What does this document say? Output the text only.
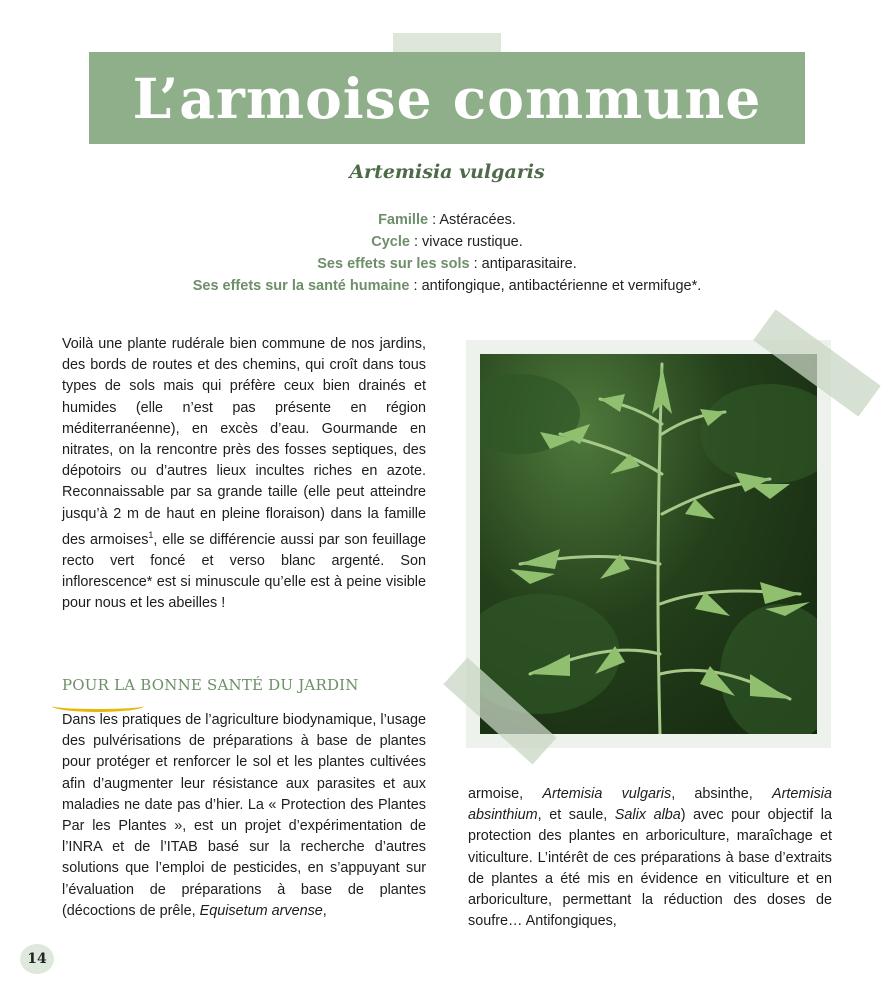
L’armoise commune
Artemisia vulgaris
Famille : Astéracées.
Cycle : vivace rustique.
Ses effets sur les sols : antiparasitaire.
Ses effets sur la santé humaine : antifongique, antibactérienne et vermifuge*.

Voilà une plante rudérale bien commune de nos jardins, des bords de routes et des chemins, qui croît dans tous types de sols mais qui préfère ceux bien drainés et humides (elle n’est pas présente en région méditerranéenne), en excès d’eau. Gourmande en nitrates, on la rencontre près des fosses septiques, des dépotoirs ou d’autres lieux incultes riches en azote. Reconnaissable par sa grande taille (elle peut atteindre jusqu’à 2 m de haut en pleine floraison) dans la famille des armoises$^1$, elle se différencie aussi par son feuillage recto vert foncé et verso blanc argenté. Son inflorescence* est si minuscule qu’elle est à peine visible pour nous et les abeilles !

POUR LA BONNE SANTÉ DU JARDIN

Dans les pratiques de l’agriculture biodynamique, l’usage des pulvérisations de préparations à base de plantes pour protéger et renforcer le sol et les plantes cultivées afin d’augmenter leur résistance aux parasites et aux maladies ne date pas d’hier. La « Protection des Plantes Par les Plantes », est un projet d’expérimentation de l’INRA et de l’ITAB basé sur la recherche d’autres solutions que l’emploi de pesticides, en s’appuyant sur l’évaluation de préparations à base de plantes (décoctions de prêle, Equisetum arvense,

armoise, Artemisia vulgaris, absinthe, Artemisia absinthium, et saule, Salix alba) avec pour objectif la protection des plantes en arboriculture, maraîchage et viticulture. L’intérêt de ces préparations à base d’extraits de plantes a été mis en évidence en viticulture et en arboriculture, permettant la réduction des doses de soufre… Antifongiques,

14
